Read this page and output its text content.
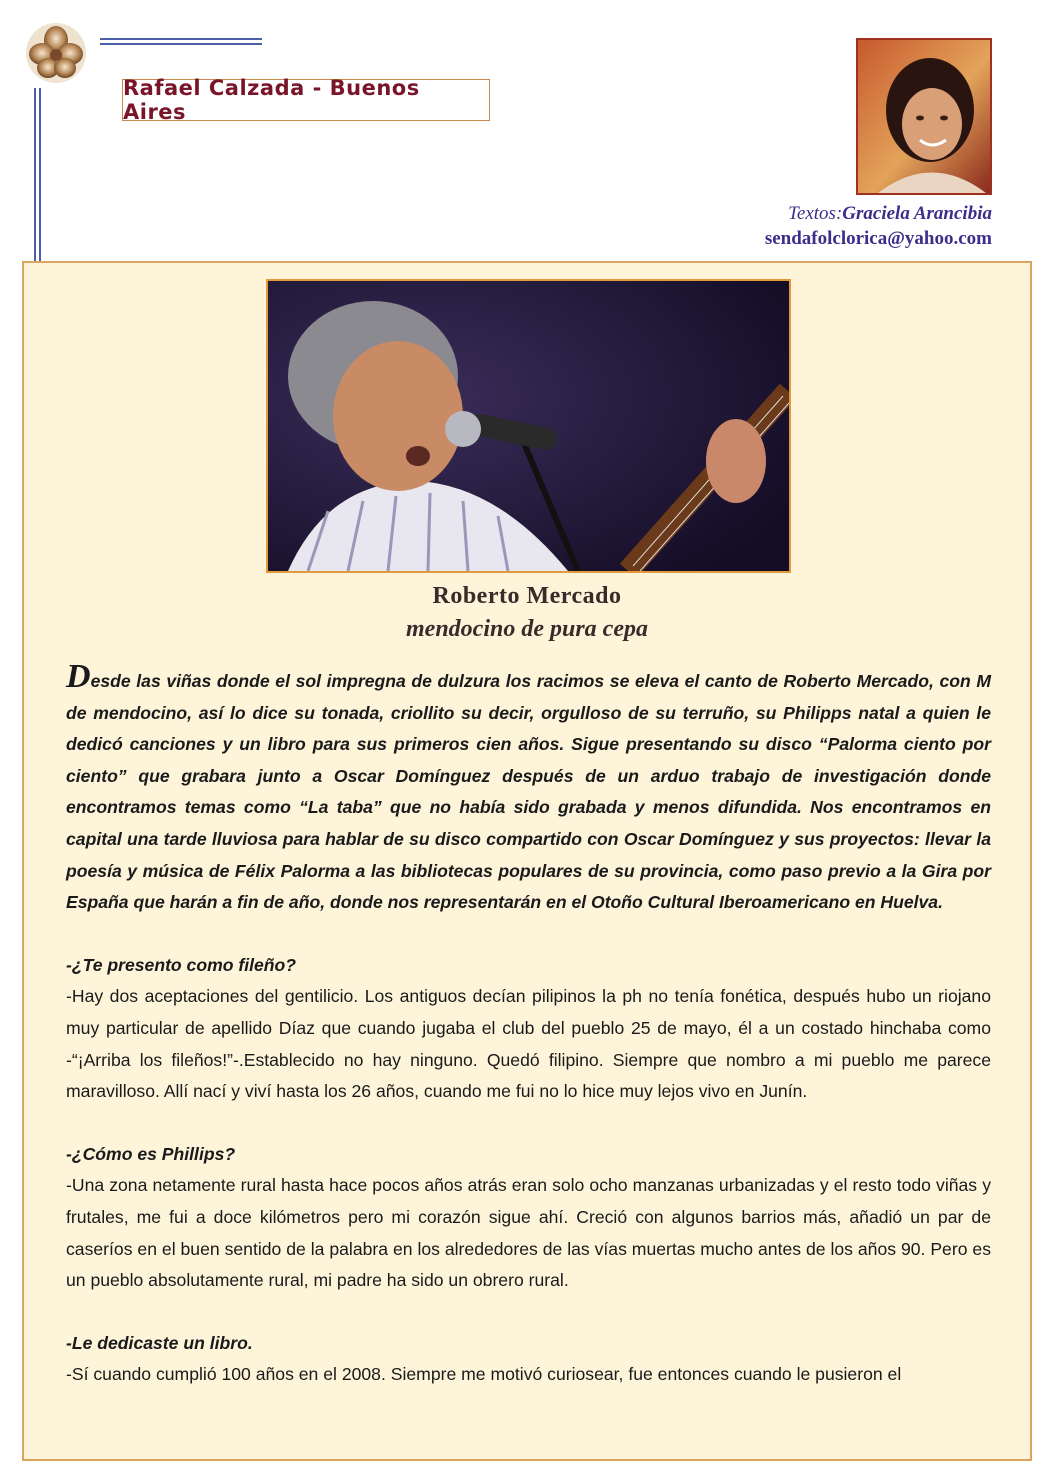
Rafael Calzada - Buenos Aires
Textos:Graciela Arancibia
sendafolclorica@yahoo.com
Roberto Mercado
mendocino de pura cepa

Desde las viñas donde el sol impregna de dulzura los racimos se eleva el canto de Roberto Mercado, con M de mendocino, así lo dice su tonada, criollito su decir, orgulloso de su terruño, su Philipps natal a quien le dedicó canciones y un libro para sus primeros cien años. Sigue presentando su disco “Palorma ciento por ciento” que grabara junto a Oscar Domínguez después de un arduo trabajo de investigación donde encontramos temas como “La taba” que no había sido grabada y menos difundida. Nos encontramos en capital una tarde lluviosa para hablar de su disco compartido con Oscar Domínguez y sus proyectos: llevar la poesía y música de Félix Palorma a las bibliotecas populares de su provincia, como paso previo a la Gira por España que harán a fin de año, donde nos representarán en el Otoño Cultural Iberoamericano en Huelva.

-¿Te presento como fileño?

-Hay dos aceptaciones del gentilicio. Los antiguos decían pilipinos la ph no tenía fonética, después hubo un riojano muy particular de apellido Díaz que cuando jugaba el club del pueblo 25 de mayo, él a un costado hinchaba como -“¡Arriba los fileños!”-.Establecido no hay ninguno. Quedó filipino. Siempre que nombro a mi pueblo me parece maravilloso. Allí nací y viví hasta los 26 años, cuando me fui no lo hice muy lejos vivo en Junín.

-¿Cómo es Phillips?

-Una zona netamente rural hasta hace pocos años atrás eran solo ocho manzanas urbanizadas y el resto todo viñas y frutales, me fui a doce kilómetros pero mi corazón sigue ahí. Creció con algunos barrios más, añadió un par de caseríos en el buen sentido de la palabra en los alrededores de las vías muertas mucho antes de los años 90. Pero es un pueblo absolutamente rural, mi padre ha sido un obrero rural.

-Le dedicaste un libro.

-Sí cuando cumplió 100 años en el 2008. Siempre me motivó curiosear, fue entonces cuando le pusieron el
